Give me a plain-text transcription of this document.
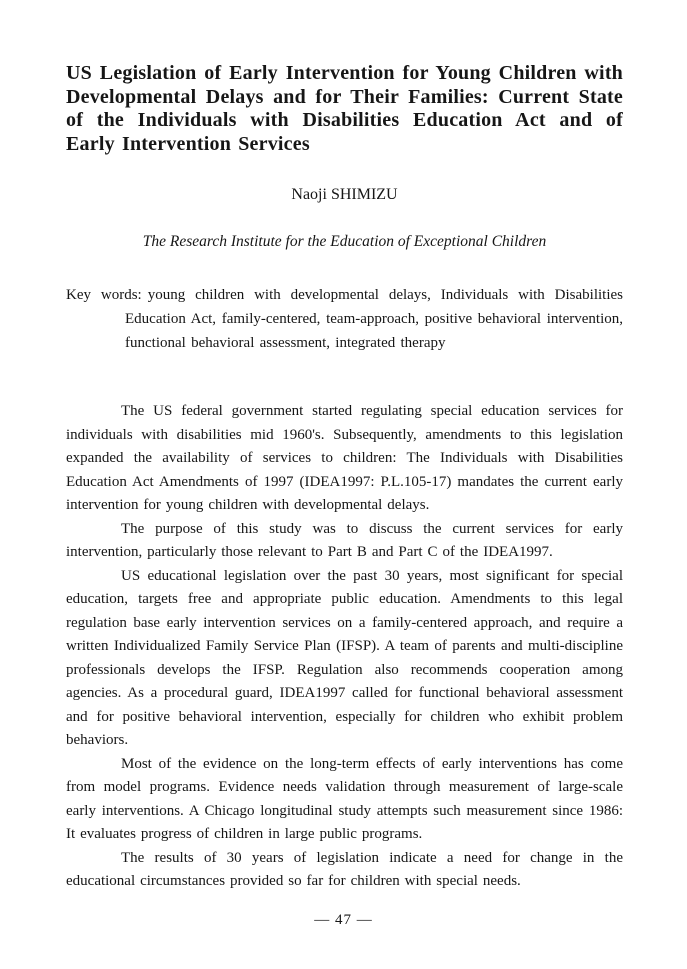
US Legislation of Early Intervention for Young Children with Developmental Delays and for Their Families: Current State of the Individuals with Disabilities Education Act and of Early Intervention Services
Naoji SHIMIZU
The Research Institute for the Education of Exceptional Children
Key words: young children with developmental delays, Individuals with Disabilities Education Act, family-centered, team-approach, positive behavioral intervention, functional behavioral assessment, integrated therapy

The US federal government started regulating special education services for individuals with disabilities mid 1960's. Subsequently, amendments to this legislation expanded the availability of services to children: The Individuals with Disabilities Education Act Amendments of 1997 (IDEA1997: P.L.105-17) mandates the current early intervention for young children with developmental delays.

The purpose of this study was to discuss the current services for early intervention, particularly those relevant to Part B and Part C of the IDEA1997.

US educational legislation over the past 30 years, most significant for special education, targets free and appropriate public education. Amendments to this legal regulation base early intervention services on a family-centered approach, and require a written Individualized Family Service Plan (IFSP). A team of parents and multi-discipline professionals develops the IFSP. Regulation also recommends cooperation among agencies. As a procedural guard, IDEA1997 called for functional behavioral assessment and for positive behavioral intervention, especially for children who exhibit problem behaviors.

Most of the evidence on the long-term effects of early interventions has come from model programs. Evidence needs validation through measurement of large-scale early interventions. A Chicago longitudinal study attempts such measurement since 1986: It evaluates progress of children in large public programs.

The results of 30 years of legislation indicate a need for change in the educational circumstances provided so far for children with special needs.

— 47 —
